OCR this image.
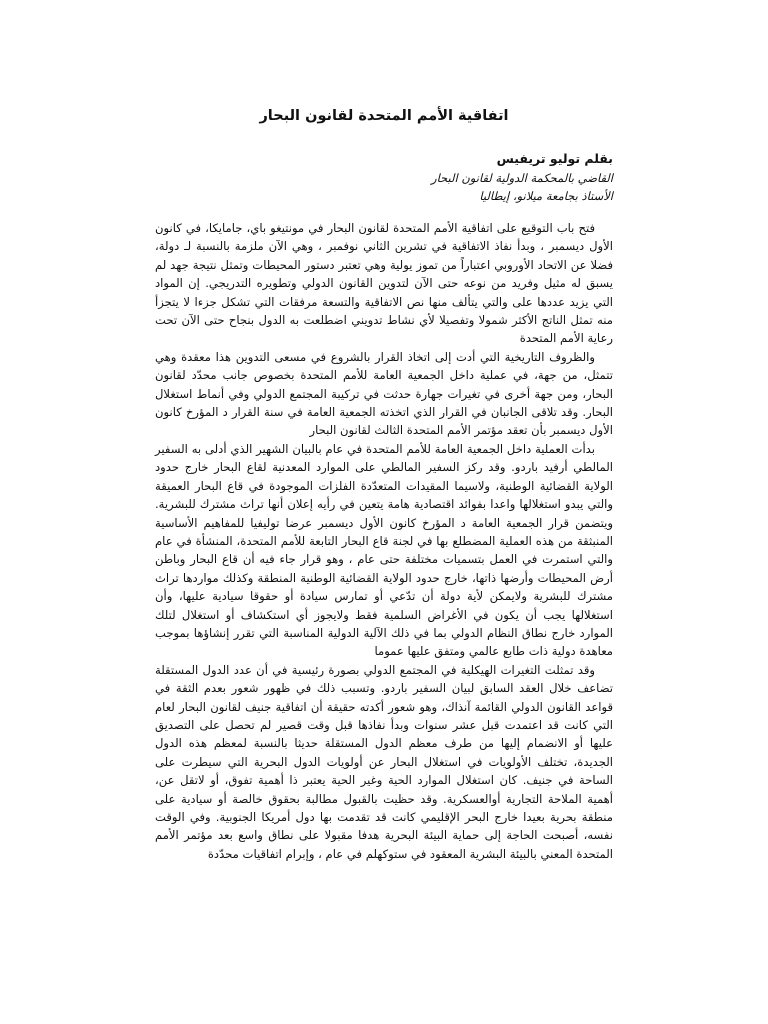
اتفاقية الأمم المتحدة لقانون البحار
بقلم توليو تريفيس
القاضي بالمحكمة الدولية لقانون البحار
الأستاذ بجامعة ميلانو، إيطاليا

فتح باب التوقيع على اتفاقية الأمم المتحدة لقانون البحار في مونتيغو باي، جامايكا، في كانون الأول ديسمبر ، وبدأ نفاذ الاتفاقية في تشرين الثاني نوفمبر ، وهي الآن ملزمة بالنسبة لـ دولة، فضلا عن الاتحاد الأوروبي اعتباراً من تموز يولية وهي تعتبر دستور المحيطات وتمثل نتيجة جهد لم يسبق له مثيل وفريد من نوعه حتى الآن لتدوين القانون الدولي وتطويره التدريجي. إن المواد التي يزيد عددها على والتي يتألف منها نص الاتفاقية والتسعة مرفقات التي تشكل جزءا لا يتجزأ منه تمثل الناتج الأكثر شمولا وتفصيلا لأي نشاط تدويني اضطلعت به الدول بنجاح حتى الآن تحت رعاية الأمم المتحدة

والظروف التاريخية التي أدت إلى اتخاذ القرار بالشروع في مسعى التدوين هذا معقدة وهي تتمثل، من جهة، في عملية داخل الجمعية العامة للأمم المتحدة بخصوص جانب محدّد لقانون البحار، ومن جهة أخرى في تغيرات جهارة حدثت في تركيبة المجتمع الدولي وفي أنماط استغلال البحار. وقد تلاقى الجانبان في القرار الذي اتخذته الجمعية العامة في سنة القرار د المؤرخ كانون الأول ديسمبر بأن تعقد مؤتمر الأمم المتحدة الثالث لقانون البحار

بدأت العملية داخل الجمعية العامة للأمم المتحدة في عام بالبيان الشهير الذي أدلى به السفير المالطي أرفيد باردو. وقد ركز السفير المالطي على الموارد المعدنية لقاع البحار خارج حدود الولاية القضائية الوطنية، ولاسيما المقيدات المتعدّدة الفلزات الموجودة في قاع البحار العميقة والتي يبدو استغلالها واعدا بفوائد اقتصادية هامة يتعين في رأيه إعلان أنها تراث مشترك للبشرية. ويتضمن قرار الجمعية العامة د المؤرخ كانون الأول ديسمبر عرضا توليفيا للمفاهيم الأساسية المنبثقة من هذه العملية المضطلع بها في لجنة قاع البحار التابعة للأمم المتحدة، المنشأة في عام والتي استمرت في العمل بتسميات مختلفة حتى عام ، وهو قرار جاء فيه أن قاع البحار وباطن أرض المحيطات وأرضها ذاتها، خارج حدود الولاية القضائية الوطنية المنطقة وكذلك مواردها تراث مشترك للبشرية ولايمكن لأية دولة أن تدّعي أو تمارس سيادة أو حقوقا سيادية عليها، وأن استغلالها يجب أن يكون في الأغراض السلمية فقط ولايجوز أي استكشاف أو استغلال لتلك الموارد خارج نطاق النظام الدولي بما في ذلك الآلية الدولية المناسبة التي تقرر إنشاؤها بموجب معاهدة دولية ذات طابع عالمي ومتفق عليها عموما

وقد تمثلت التغيرات الهيكلية في المجتمع الدولي بصورة رئيسية في أن عدد الدول المستقلة تضاعف خلال العقد السابق لبيان السفير باردو. وتسبب ذلك في ظهور شعور بعدم الثقة في قواعد القانون الدولي القائمة آنذاك، وهو شعور أكدته حقيقة أن اتفاقية جنيف لقانون البحار لعام التي كانت قد اعتمدت قبل عشر سنوات وبدأ نفاذها قبل وقت قصير لم تحصل على التصديق عليها أو الانضمام إليها من طرف معظم الدول المستقلة حديثا بالنسبة لمعظم هذه الدول الجديدة، تختلف الأولويات في استغلال البحار عن أولويات الدول البحرية التي سيطرت على الساحة في جنيف. كان استغلال الموارد الحية وغير الحية يعتبر ذا أهمية تفوق، أو لاتقل عن، أهمية الملاحة التجارية أوالعسكرية. وقد حظيت بالقبول مطالبة بحقوق خالصة أو سيادية على منطقة بحرية بعيدا خارج البحر الإقليمي كانت قد تقدمت بها دول أمريكا الجنوبية. وفي الوقت نفسه، أصبحت الحاجة إلى حماية البيئة البحرية هدفا مقبولا على نطاق واسع بعد مؤتمر الأمم المتحدة المعني بالبيئة البشرية المعقود في ستوكهلم في عام ، وإبرام اتفاقيات محدّدة
